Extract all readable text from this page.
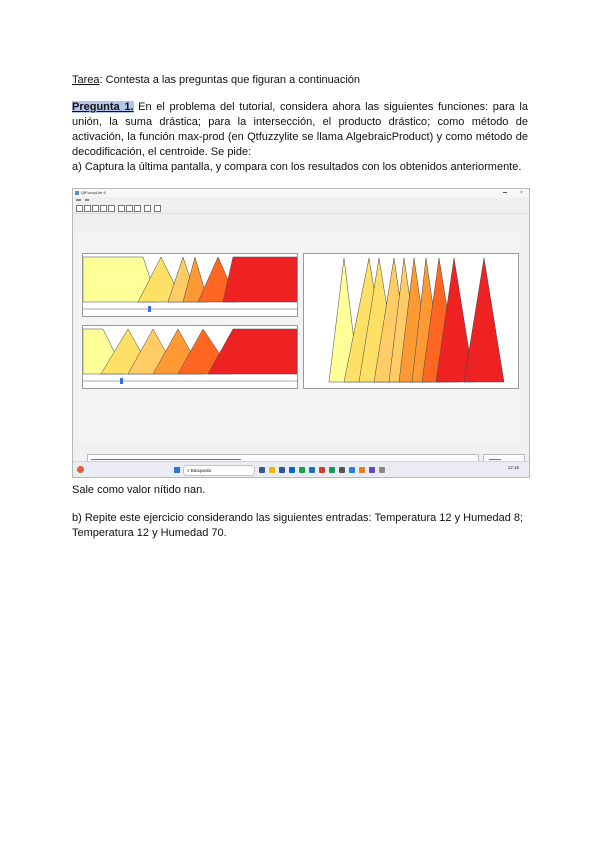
Tarea: Contesta a las preguntas que figuran a continuación

Pregunta 1. En el problema del tutorial, considera ahora las siguientes funciones: para la unión, la suma drástica; para la intersección, el producto drástico; como método de activación, la función max-prod (en Qtfuzzylite se llama AlgebraicProduct) y como método de decodificación, el centroide. Se pide:

a) Captura la última pantalla, y compara con los resultados con los obtenidos anteriormente.

QtFuzzyLite 6	×
⌕ Búsqueda
12:16

Sale como valor nítido nan.

b) Repite este ejercicio considerando las siguientes entradas: Temperatura 12 y Humedad 8; Temperatura 12 y Humedad 70.
